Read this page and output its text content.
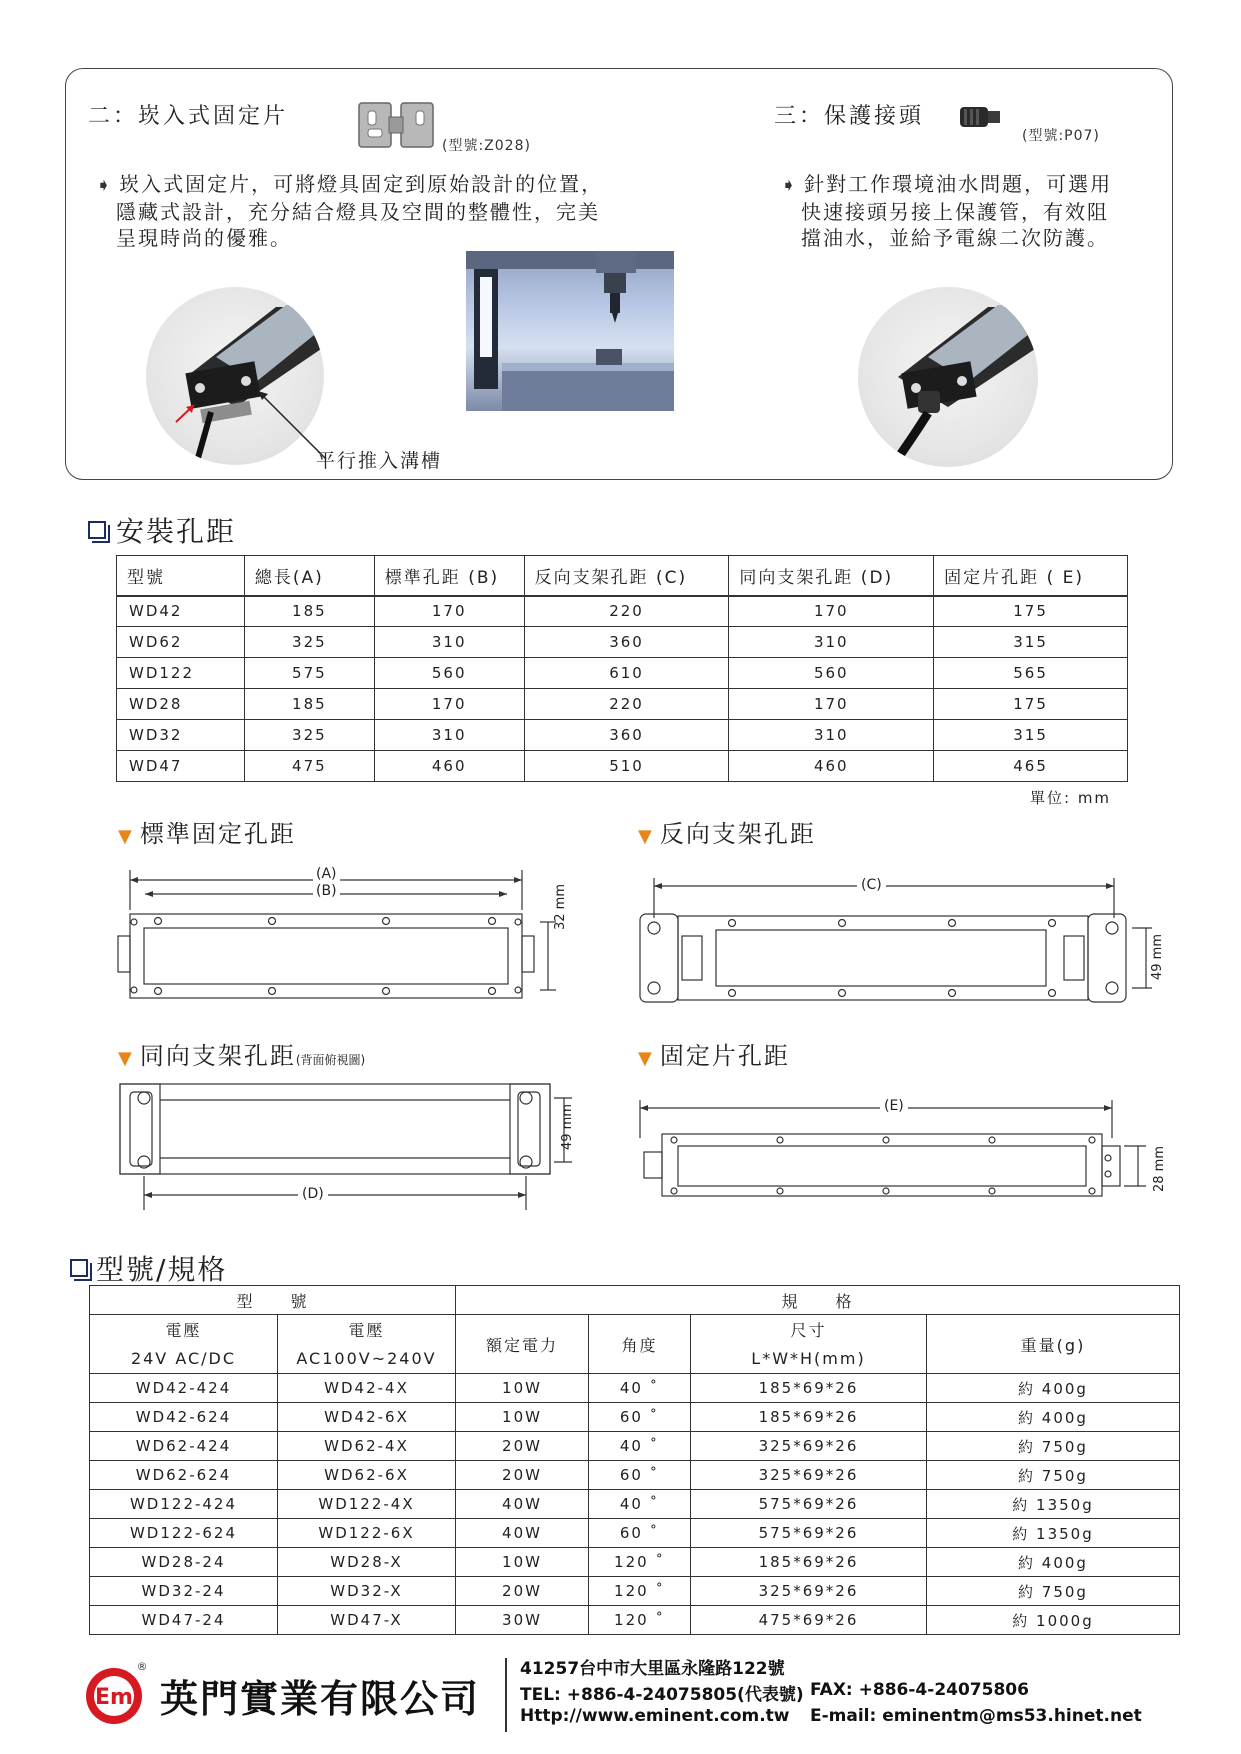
二：崁入式固定片
(型號:Z028)
➧ 崁入式固定片，可將燈具固定到原始設計的位置，
隱藏式設計，充分結合燈具及空間的整體性，完美
呈現時尚的優雅。
平行推入溝槽
三：保護接頭
(型號:P07)
➧ 針對工作環境油水問題，可選用
快速接頭另接上保護管，有效阻
擋油水，並給予電線二次防護。
安裝孔距
型號	總長(A)	標準孔距 (B)	反向支架孔距 (C)	同向支架孔距 (D)	固定片孔距 ( E)
WD42	185	170	220	170	175
WD62	325	310	360	310	315
WD122	575	560	610	560	565
WD28	185	170	220	170	175
WD32	325	310	360	310	315
WD47	475	460	510	460	465
單位: mm
▼ 標準固定孔距
(A)
(B)	32 mm
▼ 反向支架孔距
(C)
49 mm
▼ 同向支架孔距(背面俯視圖)
(D)
49 mm
▼ 固定片孔距
(E)
28 mm
型號/規格
型　　號		規　　格			
電壓	電壓	額定電力	角度	尺寸	重量(g)
24V AC/DC	AC100V~240V			L*W*H(mm)	
WD42-424	WD42-4X	10W	40 ˚	185*69*26	約 400g
WD42-624	WD42-6X	10W	60 ˚	185*69*26	約 400g
WD62-424	WD62-4X	20W	40 ˚	325*69*26	約 750g
WD62-624	WD62-6X	20W	60 ˚	325*69*26	約 750g
WD122-424	WD122-4X	40W	40 ˚	575*69*26	約 1350g
WD122-624	WD122-6X	40W	60 ˚	575*69*26	約 1350g
WD28-24	WD28-X	10W	120 ˚	185*69*26	約 400g
WD32-24	WD32-X	20W	120 ˚	325*69*26	約 750g
WD47-24	WD47-X	30W	120 ˚	475*69*26	約 1000g
Em
®
英門實業有限公司
41257台中市大里區永隆路122號
TEL: +886-4-24075805(代表號) FAX: +886-4-24075806
Http://www.eminent.com.tw E-mail: eminentm@ms53.hinet.net
